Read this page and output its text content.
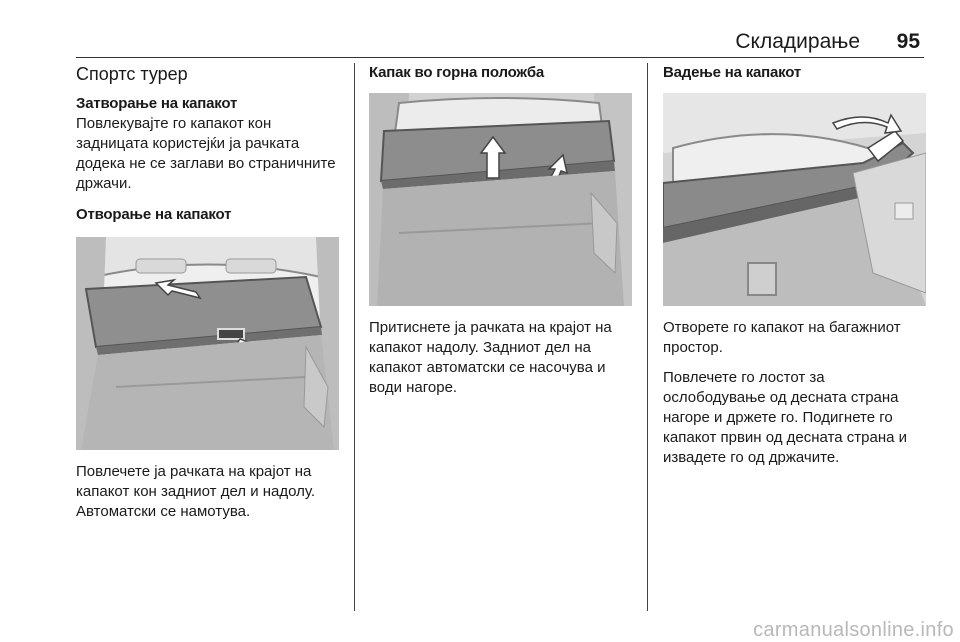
Складирање	95
Спортс турер
Затворање на капакот

Повлекувајте го капакот кон задницата користејќи ја рачката додека не се заглави во страничните држачи.

Отворање на капакот

Повлечете ја рачката на крајот на капакот кон задниот дел и надолу. Автоматски се намотува.

Капак во горна положба

Притиснете ја рачката на крајот на капакот надолу. Задниот дел на капакот автоматски се насочува и води нагоре.

Вадење на капакот

Отворете го капакот на багажниот простор.

Повлечете го лостот за ослободување од десната страна нагоре и држете го. Подигнете го капакот првин од десната страна и извадете го од држачите.

carmanualsonline.info
